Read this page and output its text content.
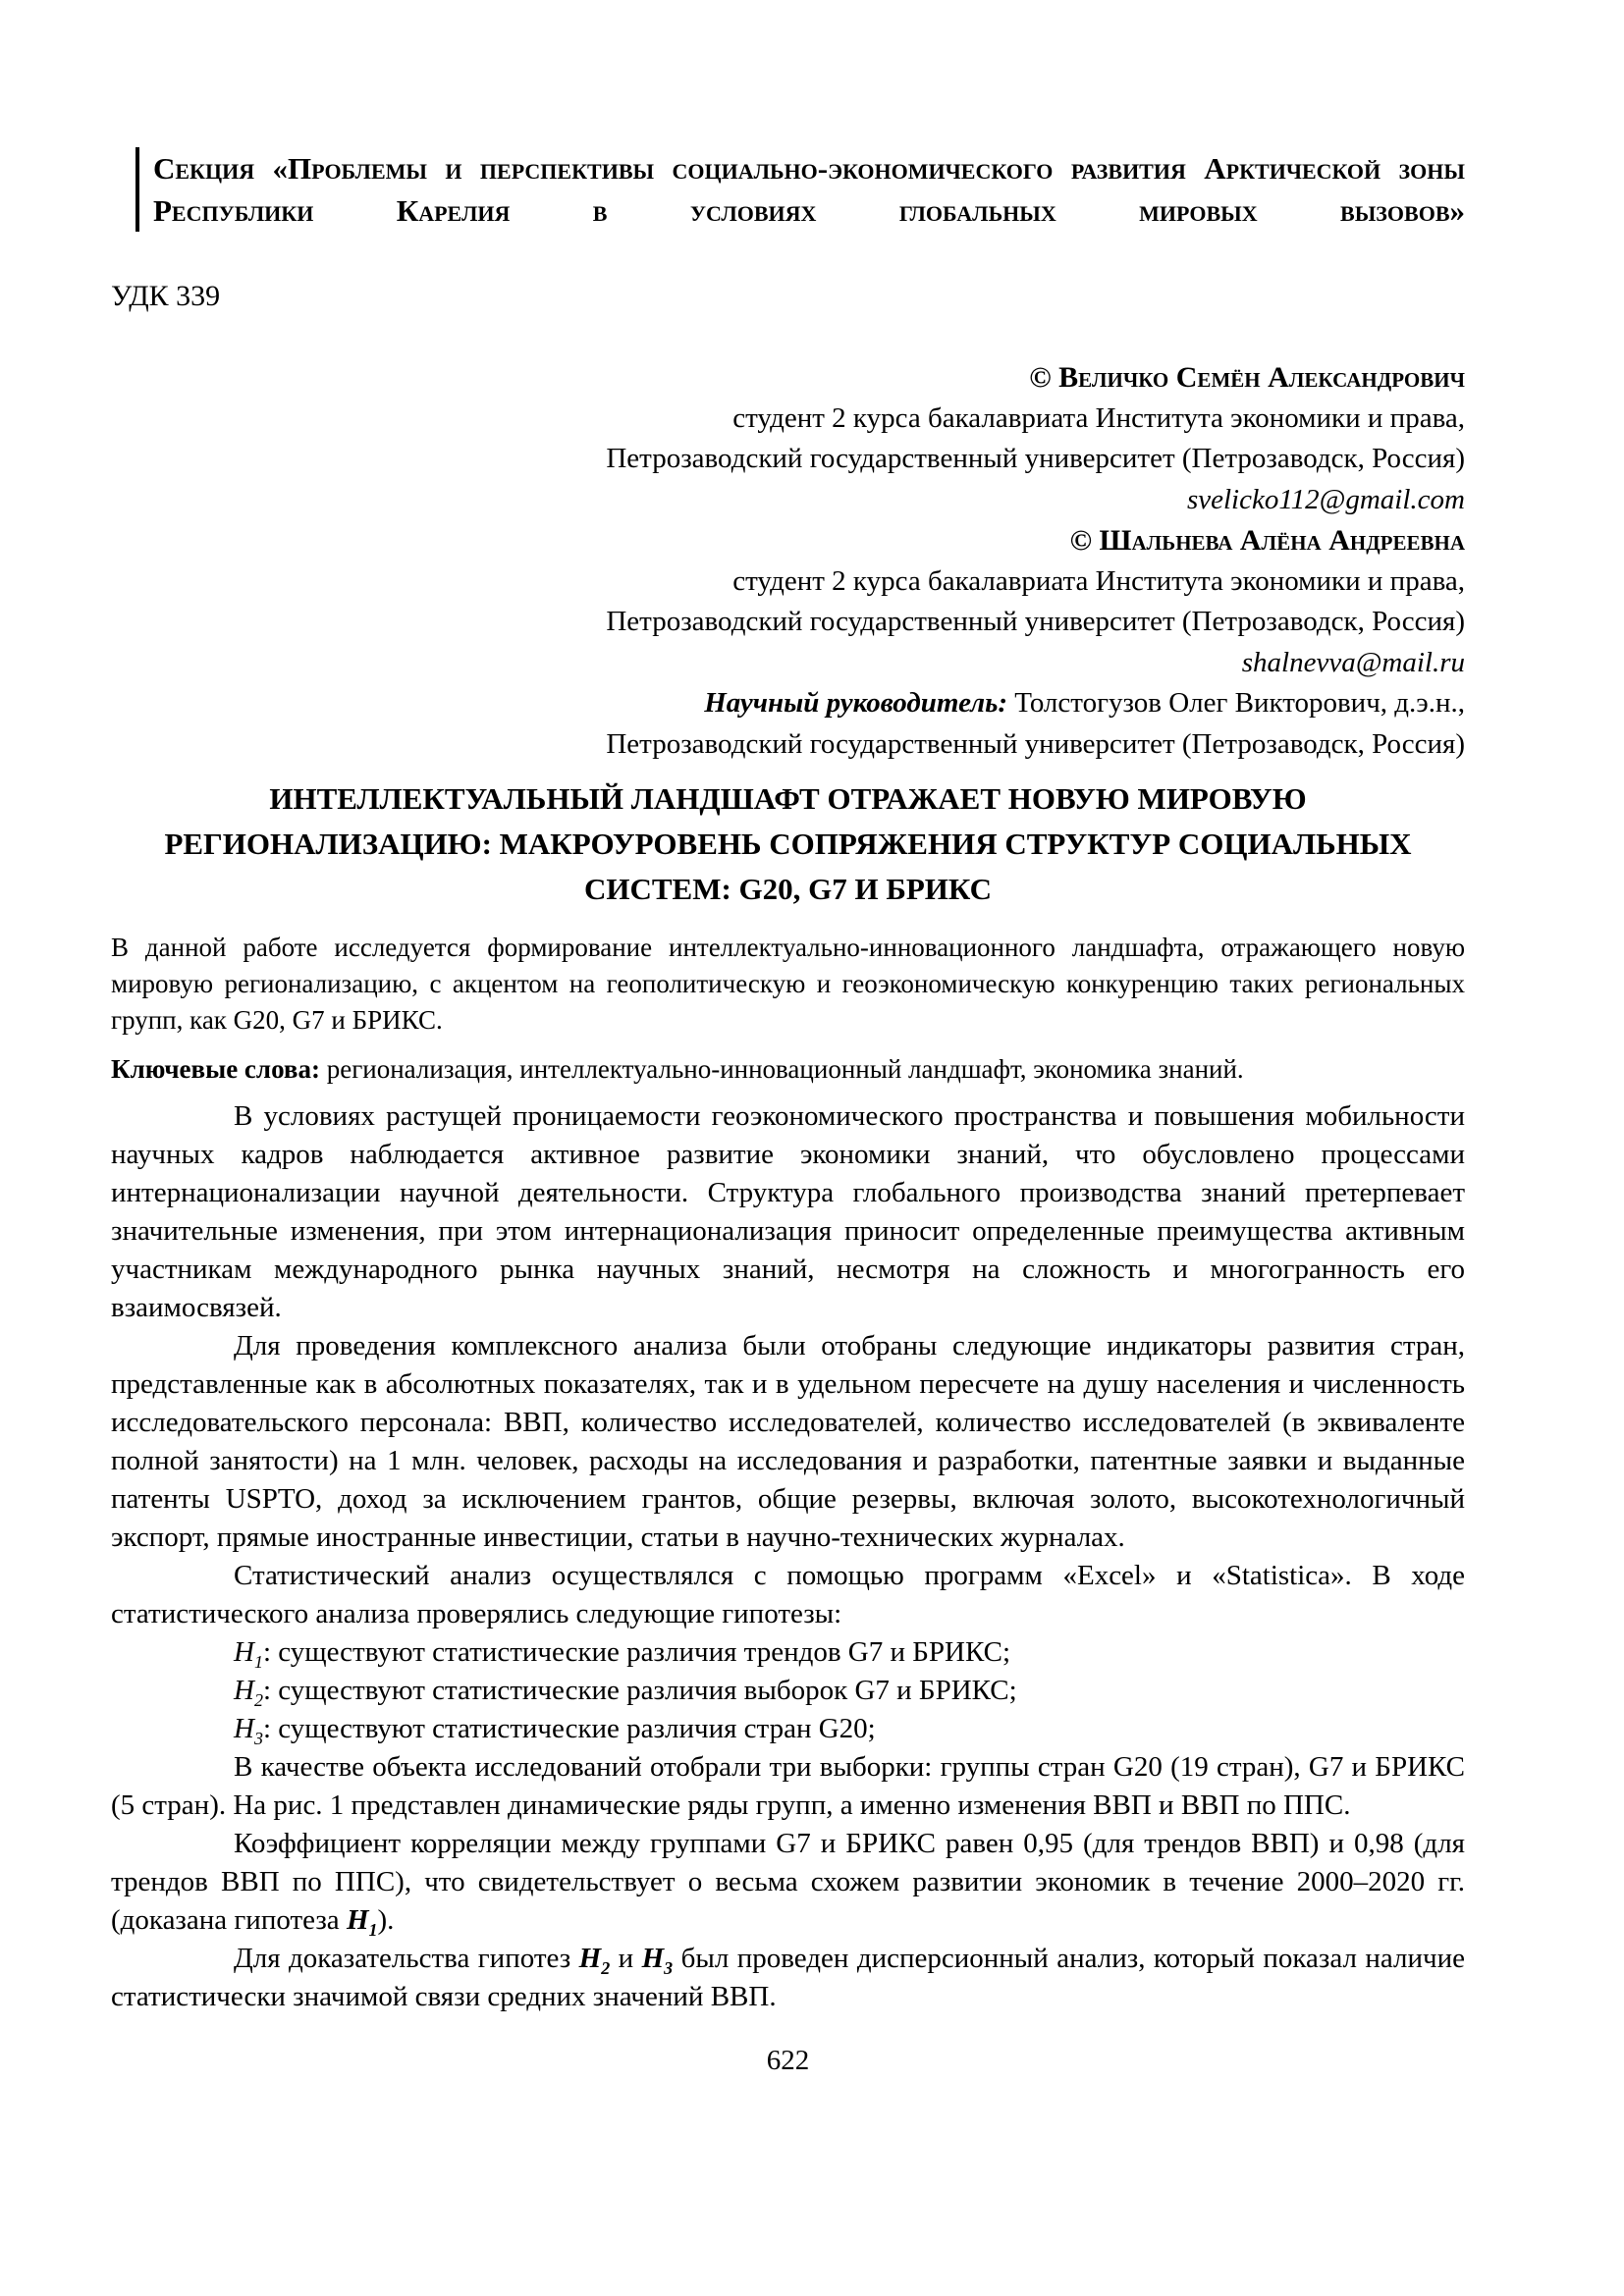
Секция «Проблемы и перспективы социально-экономического развития Арктической зоны Республики Карелия в условиях глобальных мировых вызовов»
УДК 339
© Величко Семён Александрович
студент 2 курса бакалавриата Института экономики и права,
Петрозаводский государственный университет (Петрозаводск, Россия)
svelicko112@gmail.com
© Шальнева Алёна Андреевна
студент 2 курса бакалавриата Института экономики и права,
Петрозаводский государственный университет (Петрозаводск, Россия)
shalnevva@mail.ru
Научный руководитель: Толстогузов Олег Викторович, д.э.н.,
Петрозаводский государственный университет (Петрозаводск, Россия)
ИНТЕЛЛЕКТУАЛЬНЫЙ ЛАНДШАФТ ОТРАЖАЕТ НОВУЮ МИРОВУЮ РЕГИОНАЛИЗАЦИЮ: МАКРОУРОВЕНЬ СОПРЯЖЕНИЯ СТРУКТУР СОЦИАЛЬНЫХ СИСТЕМ: G20, G7 И БРИКС

В данной работе исследуется формирование интеллектуально-инновационного ландшафта, отражающего новую мировую регионализацию, с акцентом на геополитическую и геоэкономическую конкуренцию таких региональных групп, как G20, G7 и БРИКС.

Ключевые слова: регионализация, интеллектуально-инновационный ландшафт, экономика знаний.

В условиях растущей проницаемости геоэкономического пространства и повышения мобильности научных кадров наблюдается активное развитие экономики знаний, что обусловлено процессами интернационализации научной деятельности. Структура глобального производства знаний претерпевает значительные изменения, при этом интернационализация приносит определенные преимущества активным участникам международного рынка научных знаний, несмотря на сложность и многогранность его взаимосвязей.

Для проведения комплексного анализа были отобраны следующие индикаторы развития стран, представленные как в абсолютных показателях, так и в удельном пересчете на душу населения и численность исследовательского персонала: ВВП, количество исследователей, количество исследователей (в эквиваленте полной занятости) на 1 млн. человек, расходы на исследования и разработки, патентные заявки и выданные патенты USPTO, доход за исключением грантов, общие резервы, включая золото, высокотехнологичный экспорт, прямые иностранные инвестиции, статьи в научно-технических журналах.

Статистический анализ осуществлялся с помощью программ «Excel» и «Statistica». В ходе статистического анализа проверялись следующие гипотезы:

$H_1$: существуют статистические различия трендов G7 и БРИКС;

$H_2$: существуют статистические различия выборок G7 и БРИКС;

$H_3$: существуют статистические различия стран G20;

В качестве объекта исследований отобрали три выборки: группы стран G20 (19 стран), G7 и БРИКС (5 стран). На рис. 1 представлен динамические ряды групп, а именно изменения ВВП и ВВП по ППС.

Коэффициент корреляции между группами G7 и БРИКС равен 0,95 (для трендов ВВП) и 0,98 (для трендов ВВП по ППС), что свидетельствует о весьма схожем развитии экономик в течение 2000–2020 гг. (доказана гипотеза $H_1$).

Для доказательства гипотез $H_2$ и $H_3$ был проведен дисперсионный анализ, который показал наличие статистически значимой связи средних значений ВВП.

622
